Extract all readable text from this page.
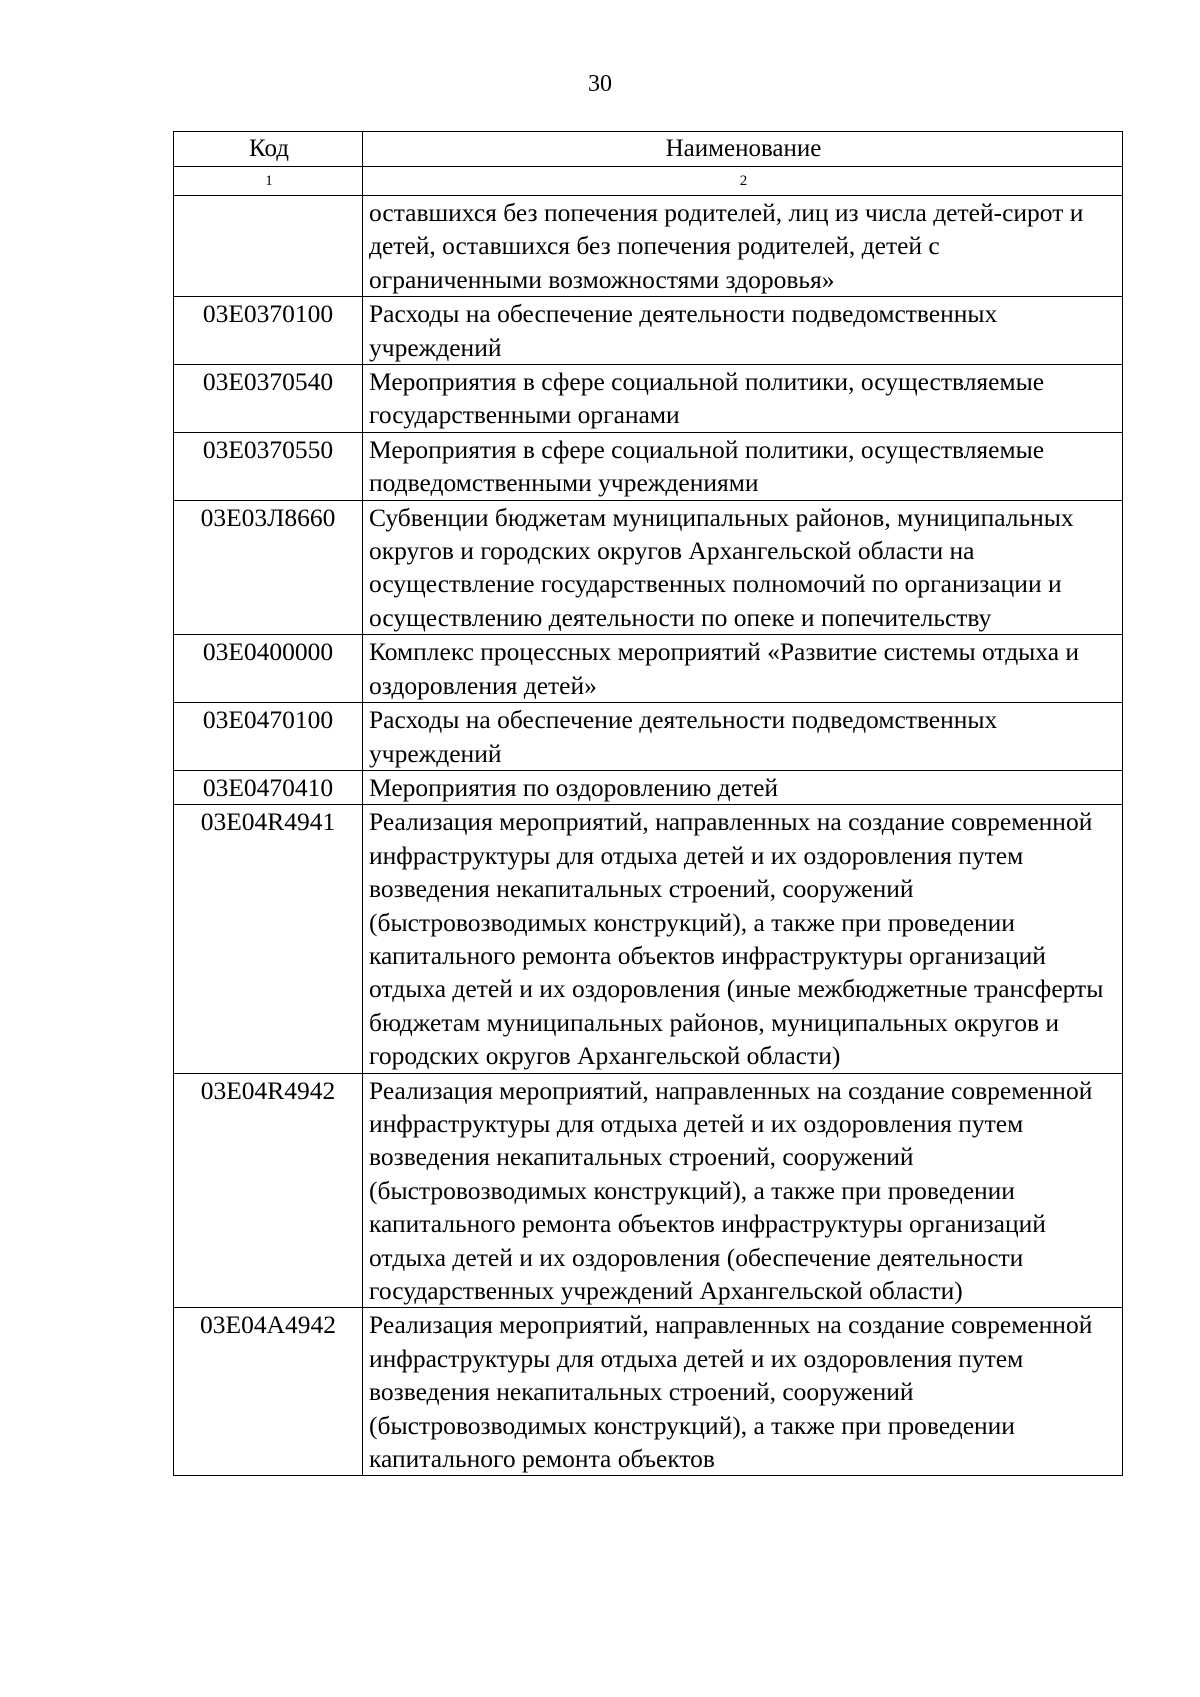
30
Код	Наименование
1	2
	оставшихся без попечения родителей, лиц из числа детей-сирот и детей, оставшихся без попечения родителей, детей с ограниченными возможностями здоровья»
03Е0370100	Расходы на обеспечение деятельности подведомственных учреждений
03Е0370540	Мероприятия в сфере социальной политики, осуществляемые государственными органами
03Е0370550	Мероприятия в сфере социальной политики, осуществляемые подведомственными учреждениями
03Е03Л8660	Субвенции бюджетам муниципальных районов, муниципальных округов и городских округов Архангельской области на осуществление государственных полномочий по организации и осуществлению деятельности по опеке и попечительству
03Е0400000	Комплекс процессных мероприятий «Развитие системы отдыха и оздоровления детей»
03Е0470100	Расходы на обеспечение деятельности подведомственных учреждений
03Е0470410	Мероприятия по оздоровлению детей
03Е04R4941	Реализация мероприятий, направленных на создание современной инфраструктуры для отдыха детей и их оздоровления путем возведения некапитальных строений, сооружений (быстровозводимых конструкций), а также при проведении капитального ремонта объектов инфраструктуры организаций отдыха детей и их оздоровления (иные межбюджетные трансферты бюджетам муниципальных районов, муниципальных округов и городских округов Архангельской области)
03Е04R4942	Реализация мероприятий, направленных на создание современной инфраструктуры для отдыха детей и их оздоровления путем возведения некапитальных строений, сооружений (быстровозводимых конструкций), а также при проведении капитального ремонта объектов инфраструктуры организаций отдыха детей и их оздоровления (обеспечение деятельности государственных учреждений Архангельской области)
03Е04А4942	Реализация мероприятий, направленных на создание современной инфраструктуры для отдыха детей и их оздоровления путем возведения некапитальных строений, сооружений (быстровозводимых конструкций), а также при проведении капитального ремонта объектов
